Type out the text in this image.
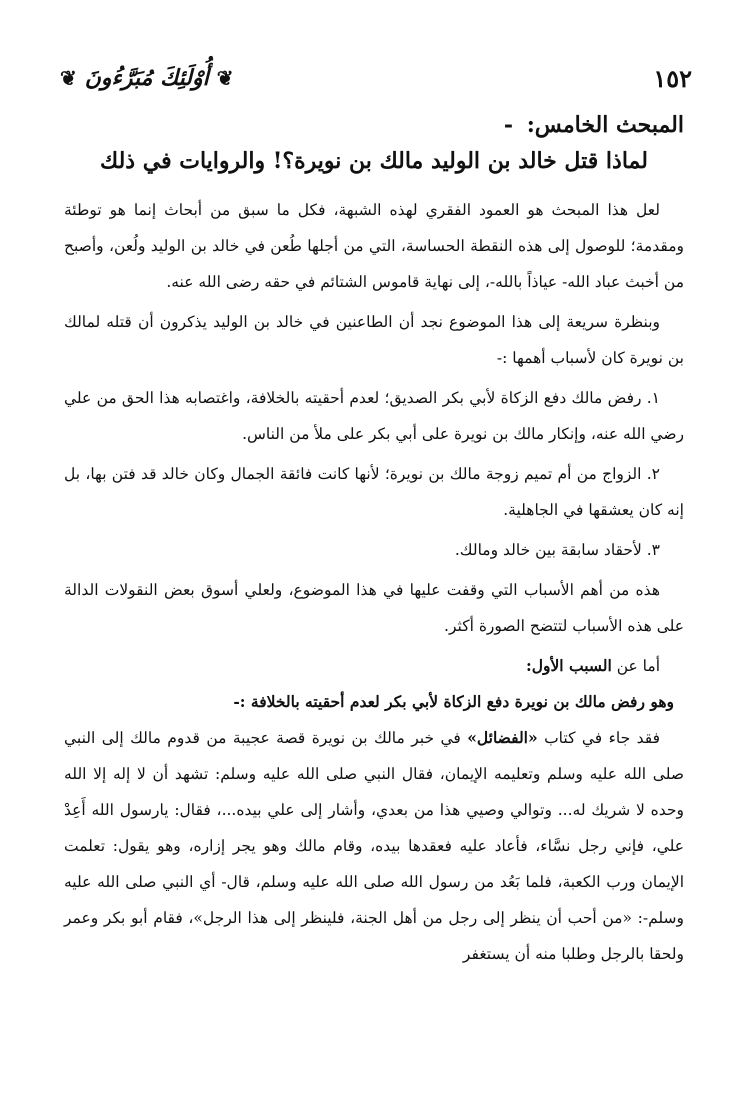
❦ أُوْلَئِكَ مُبَرَّءُونَ ❦	١٥٢
المبحث الخامس: -
لماذا قتل خالد بن الوليد مالك بن نويرة؟! والروايات في ذلك

لعل هذا المبحث هو العمود الفقري لهذه الشبهة، فكل ما سبق من أبحاث إنما هو توطئة ومقدمة؛ للوصول إلى هذه النقطة الحساسة، التي من أجلها طُعن في خالد بن الوليد ولُعن، وأصبح من أخبث عباد الله- عياذاً بالله-، إلى نهاية قاموس الشتائم في حقه رضى الله عنه.

وبنظرة سريعة إلى هذا الموضوع نجد أن الطاعنين في خالد بن الوليد يذكرون أن قتله لمالك بن نويرة كان لأسباب أهمها :-

١. رفض مالك دفع الزكاة لأبي بكر الصديق؛ لعدم أحقيته بالخلافة، واغتصابه هذا الحق من علي رضي الله عنه، وإنكار مالك بن نويرة على أبي بكر على ملأ من الناس.

٢. الزواج من أم تميم زوجة مالك بن نويرة؛ لأنها كانت فائقة الجمال وكان خالد قد فتن بها، بل إنه كان يعشقها في الجاهلية.

٣. لأحقاد سابقة بين خالد ومالك.

هذه من أهم الأسباب التي وقفت عليها في هذا الموضوع، ولعلي أسوق بعض النقولات الدالة على هذه الأسباب لتتضح الصورة أكثر.

أما عن السبب الأول:
وهو رفض مالك بن نويرة دفع الزكاة لأبي بكر لعدم أحقيته بالخلافة :-

فقد جاء في كتاب «الفضائل» في خبر مالك بن نويرة قصة عجيبة من قدوم مالك إلى النبي صلى الله عليه وسلم وتعليمه الإيمان، فقال النبي صلى الله عليه وسلم: تشهد أن لا إله إلا الله وحده لا شريك له... وتوالي وصيي هذا من بعدي، وأشار إلى علي بيده...، فقال: يارسول الله أَعِدْ علي، فإني رجل نسَّاء، فأعاد عليه فعقدها بيده، وقام مالك وهو يجر إزاره، وهو يقول: تعلمت الإيمان ورب الكعبة، فلما بَعُد من رسول الله صلى الله عليه وسلم، قال- أي النبي صلى الله عليه وسلم-: «من أحب أن ينظر إلى رجل من أهل الجنة، فلينظر إلى هذا الرجل»، فقام أبو بكر وعمر ولحقا بالرجل وطلبا منه أن يستغفر
